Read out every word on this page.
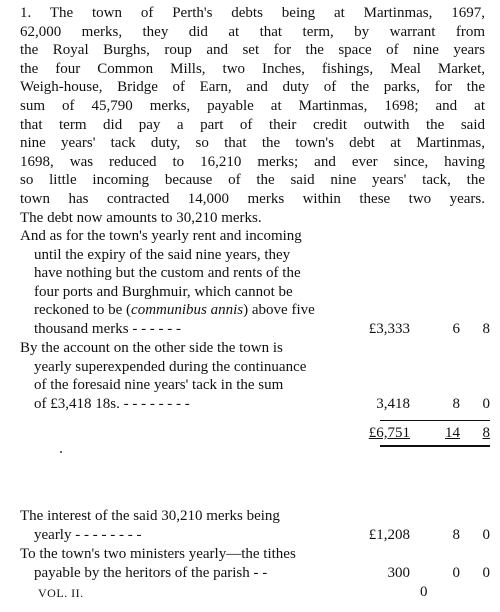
1. The town of Perth's debts being at Martinmas, 1697,
62,000 merks, they did at that term, by warrant from
the Royal Burghs, roup and set for the space of nine years
the four Common Mills, two Inches, fishings, Meal Market,
Weigh-house, Bridge of Earn, and duty of the parks, for the
sum of 45,790 merks, payable at Martinmas, 1698; and at
that term did pay a part of their credit outwith the said
nine years' tack duty, so that the town's debt at Martinmas,
1698, was reduced to 16,210 merks; and ever since, having
so little incoming because of the said nine years' tack, the
town has contracted 14,000 merks within these two years.
The debt now amounts to 30,210 merks.
And as for the town's yearly rent and incoming
until the expiry of the said nine years, they
have nothing but the custom and rents of the
four ports and Burghmuir, which cannot be
reckoned to be (communibus annis) above five
thousand merks - - - - - -	£3,333	6	8
By the account on the other side the town is
yearly superexpended during the continuance
of the foresaid nine years' tack in the sum
of £3,418 18s. - - - - - - - -	3,418	8	0
£6,751	14	8
The interest of the said 30,210 merks being
yearly - - - - - - - -	£1,208	8	0
To the town's two ministers yearly—the tithes
payable by the heritors of the parish - -	300	0	0
VOL. II.	0
